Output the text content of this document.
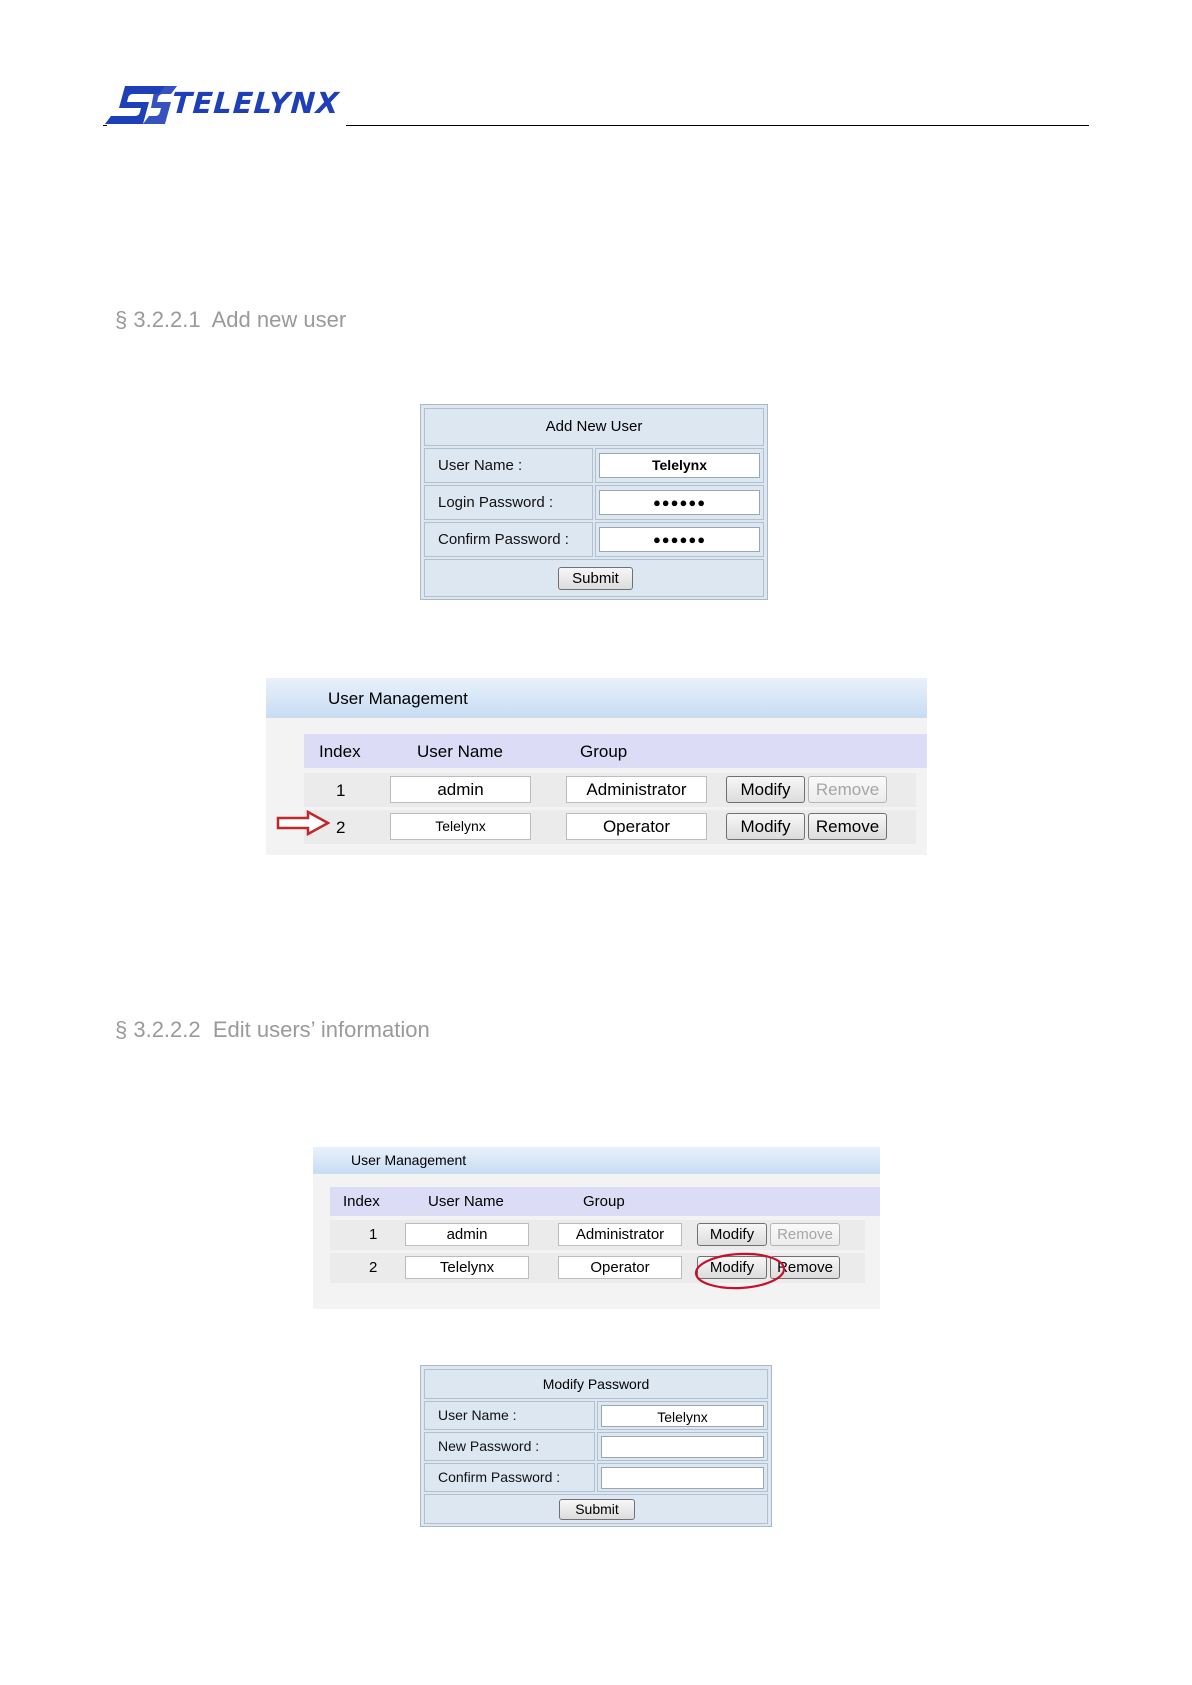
TELELYNX
§ 3.2.2.1  Add new user
Add New User
User Name :	Telelynx
Login Password :	●●●●●●
Confirm Password :	●●●●●●
Submit
User Management
Index	User Name	Group
1	admin	Administrator	Modify	Remove
2	Telelynx	Operator	Modify	Remove
§ 3.2.2.2  Edit users’ information
User Management
Index	User Name	Group
1	admin	Administrator	Modify	Remove
2	Telelynx	Operator	Modify	Remove
Modify Password
User Name :	Telelynx
New Password :
Confirm Password :
Submit
